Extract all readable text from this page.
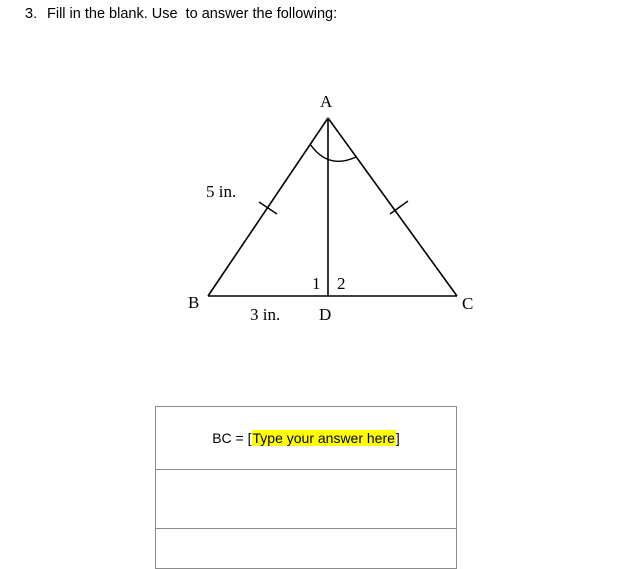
3. Fill in the blank. Use  to answer the following:
A
B	C
D
5 in.
3 in.
1 2
BC =
[ Type your answer here ]
